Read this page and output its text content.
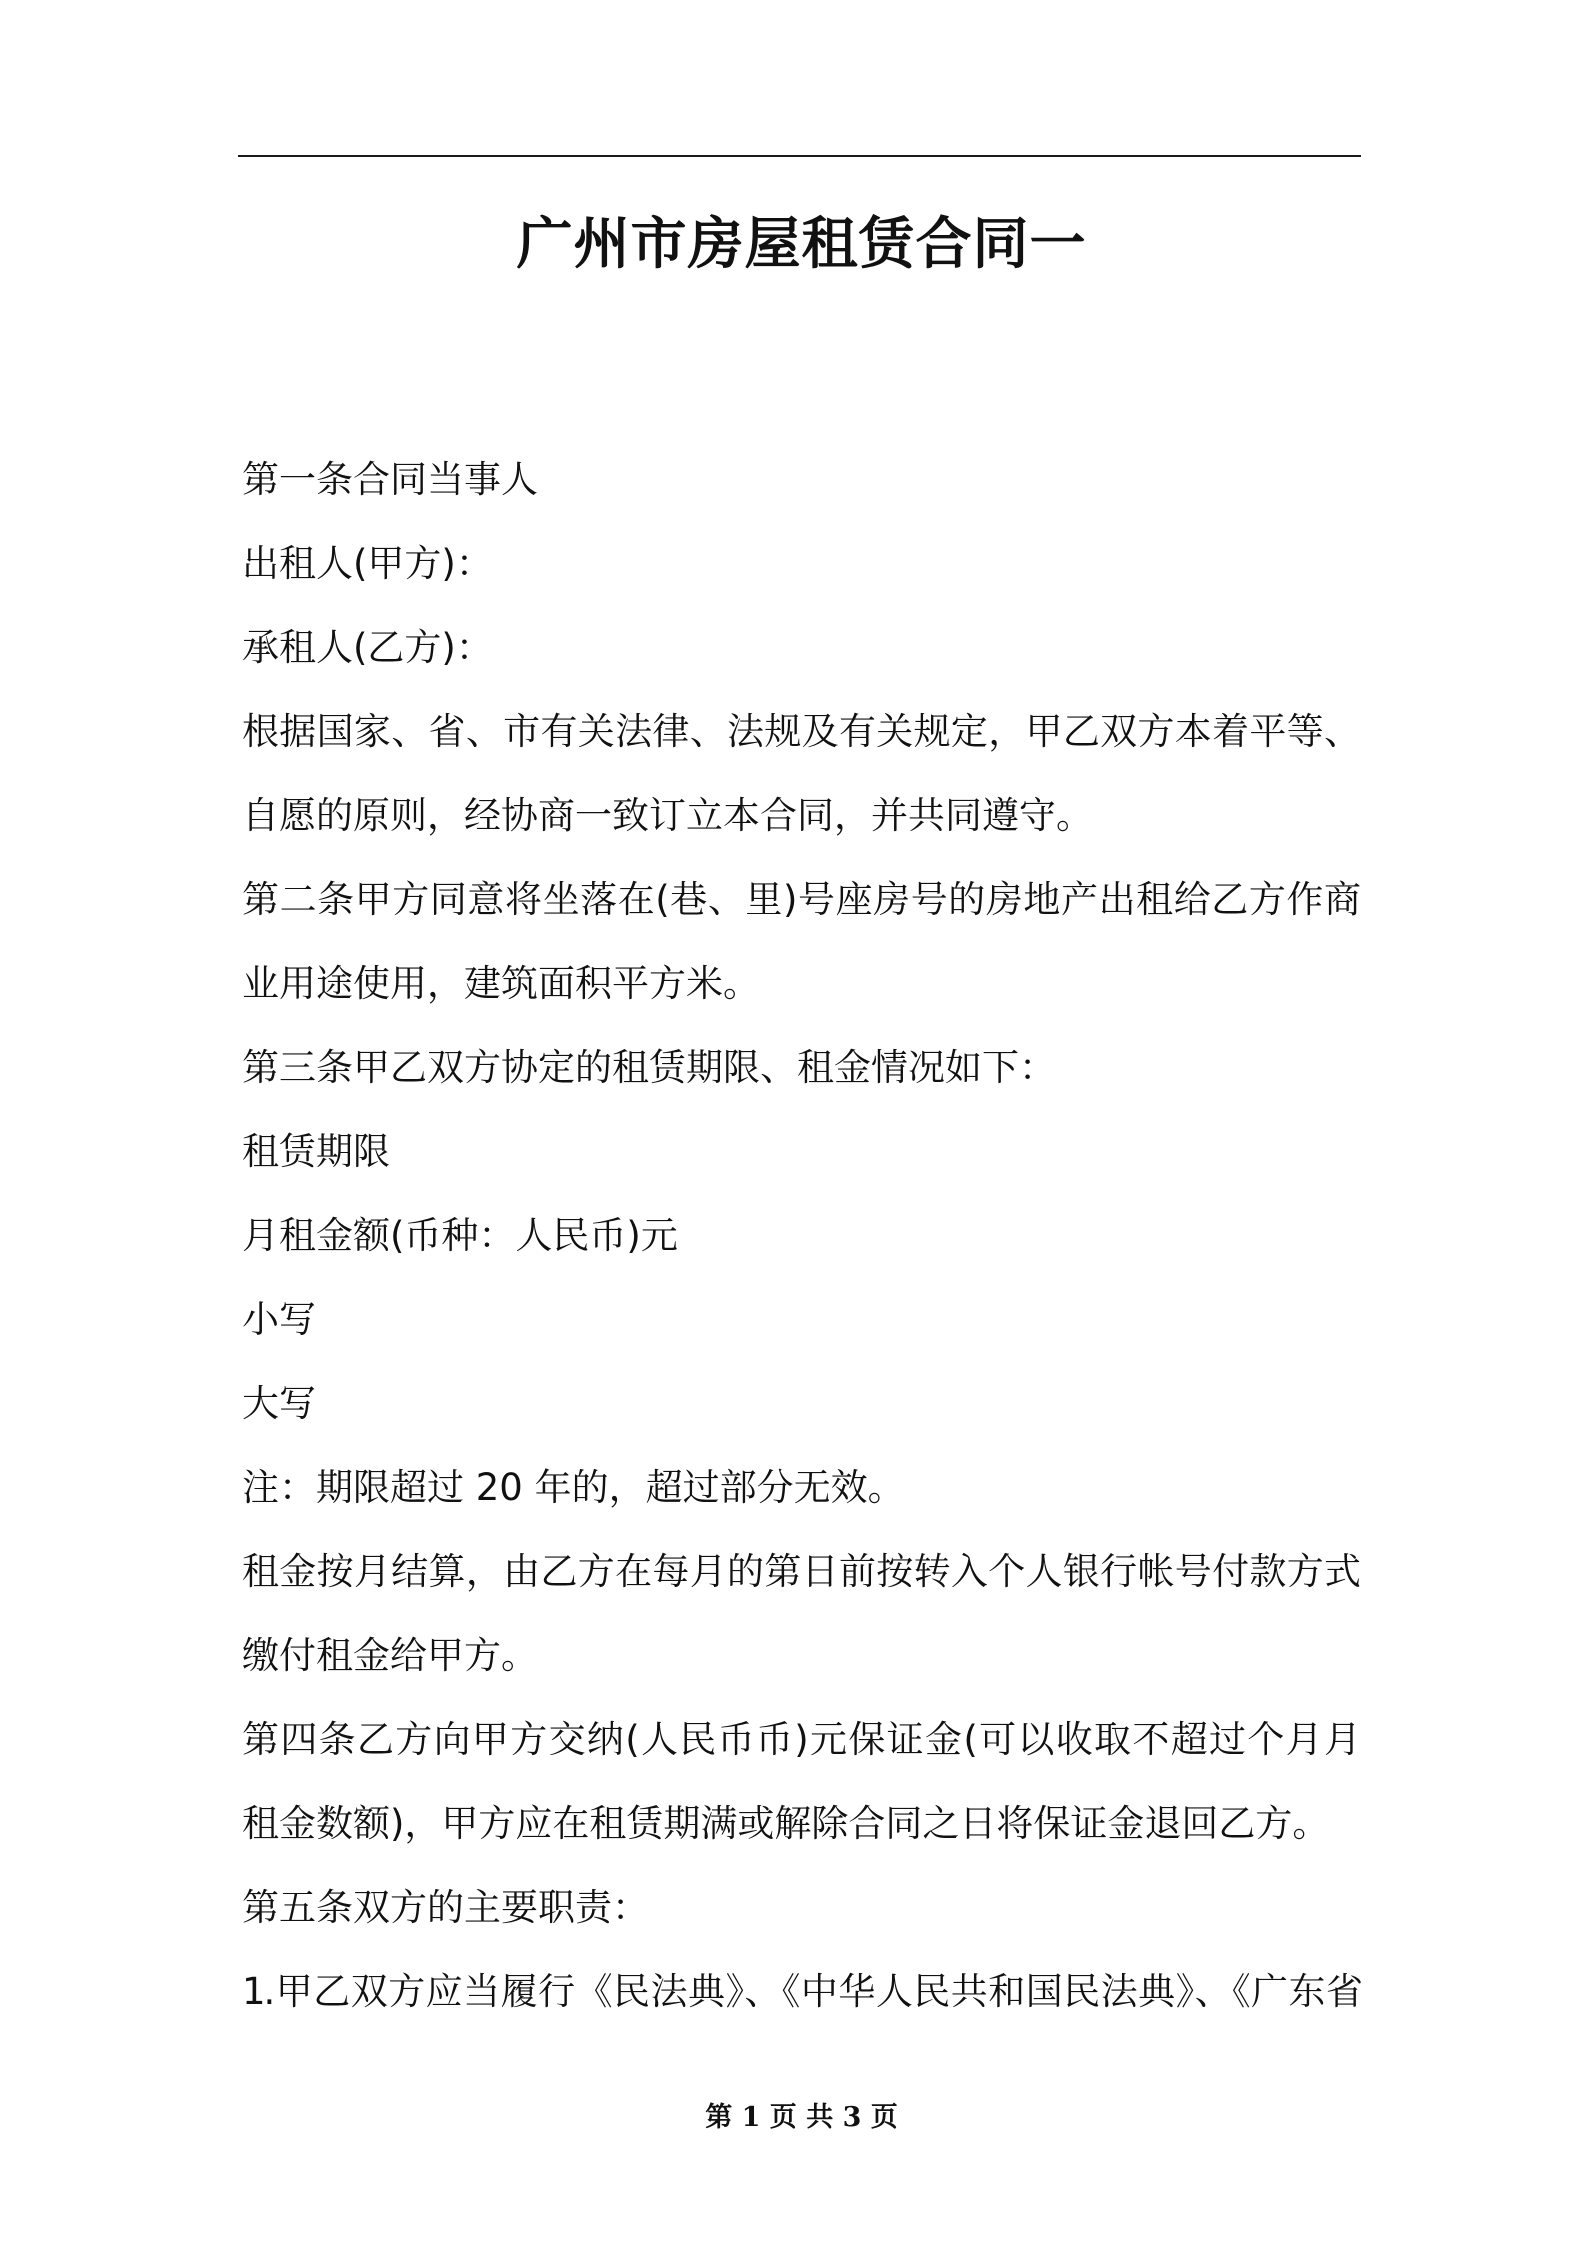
广州市房屋租赁合同一
第一条合同当事人
出租人(甲方)：
承租人(乙方)：
根据国家、省、市有关法律、法规及有关规定，甲乙双方本着平等、
自愿的原则，经协商一致订立本合同，并共同遵守。
第二条甲方同意将坐落在(巷、里)号座房号的房地产出租给乙方作商
业用途使用，建筑面积平方米。
第三条甲乙双方协定的租赁期限、租金情况如下：
租赁期限
月租金额(币种：人民币)元
小写
大写
注：期限超过 20 年的，超过部分无效。
租金按月结算，由乙方在每月的第日前按转入个人银行帐号付款方式
缴付租金给甲方。
第四条乙方向甲方交纳(人民币币)元保证金(可以收取不超过个月月
租金数额)，甲方应在租赁期满或解除合同之日将保证金退回乙方。
第五条双方的主要职责：
1.甲乙双方应当履行《民法典》、《中华人民共和国民法典》、《广东省
第 1 页 共 3 页
